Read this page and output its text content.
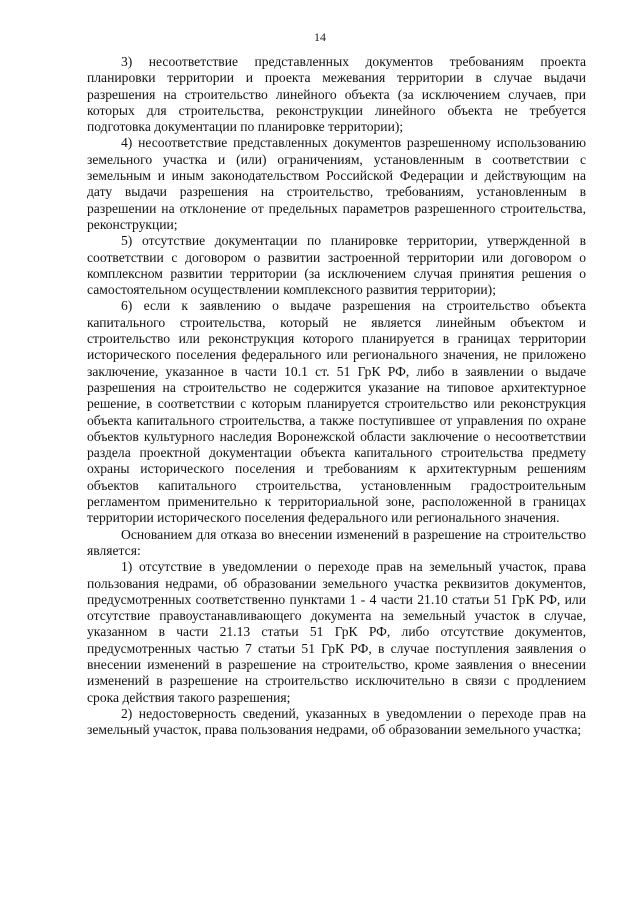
14

3) несоответствие представленных документов требованиям проекта планировки территории и проекта межевания территории в случае выдачи разрешения на строительство линейного объекта (за исключением случаев, при которых для строительства, реконструкции линейного объекта не требуется подготовка документации по планировке территории);

4) несоответствие представленных документов разрешенному использованию земельного участка и (или) ограничениям, установленным в соответствии с земельным и иным законодательством Российской Федерации и действующим на дату выдачи разрешения на строительство, требованиям, установленным в разрешении на отклонение от предельных параметров разрешенного строительства, реконструкции;

5) отсутствие документации по планировке территории, утвержденной в соответствии с договором о развитии застроенной территории или договором о комплексном развитии территории (за исключением случая принятия решения о самостоятельном осуществлении комплексного развития территории);

6) если к заявлению о выдаче разрешения на строительство объекта капитального строительства, который не является линейным объектом и строительство или реконструкция которого планируется в границах территории исторического поселения федерального или регионального значения, не приложено заключение, указанное в части 10.1 ст. 51 ГрК РФ, либо в заявлении о выдаче разрешения на строительство не содержится указание на типовое архитектурное решение, в соответствии с которым планируется строительство или реконструкция объекта капитального строительства, а также поступившее от управления по охране объектов культурного наследия Воронежской области заключение о несоответствии раздела проектной документации объекта капитального строительства предмету охраны исторического поселения и требованиям к архитектурным решениям объектов капитального строительства, установленным градостроительным регламентом применительно к территориальной зоне, расположенной в границах территории исторического поселения федерального или регионального значения.

Основанием для отказа во внесении изменений в разрешение на строительство является:

1) отсутствие в уведомлении о переходе прав на земельный участок, права пользования недрами, об образовании земельного участка реквизитов документов, предусмотренных соответственно пунктами 1 - 4 части 21.10 статьи 51 ГрК РФ, или отсутствие правоустанавливающего документа на земельный участок в случае, указанном в части 21.13 статьи 51 ГрК РФ, либо отсутствие документов, предусмотренных частью 7 статьи 51 ГрК РФ, в случае поступления заявления о внесении изменений в разрешение на строительство, кроме заявления о внесении изменений в разрешение на строительство исключительно в связи с продлением срока действия такого разрешения;

2) недостоверность сведений, указанных в уведомлении о переходе прав на земельный участок, права пользования недрами, об образовании земельного участка;
